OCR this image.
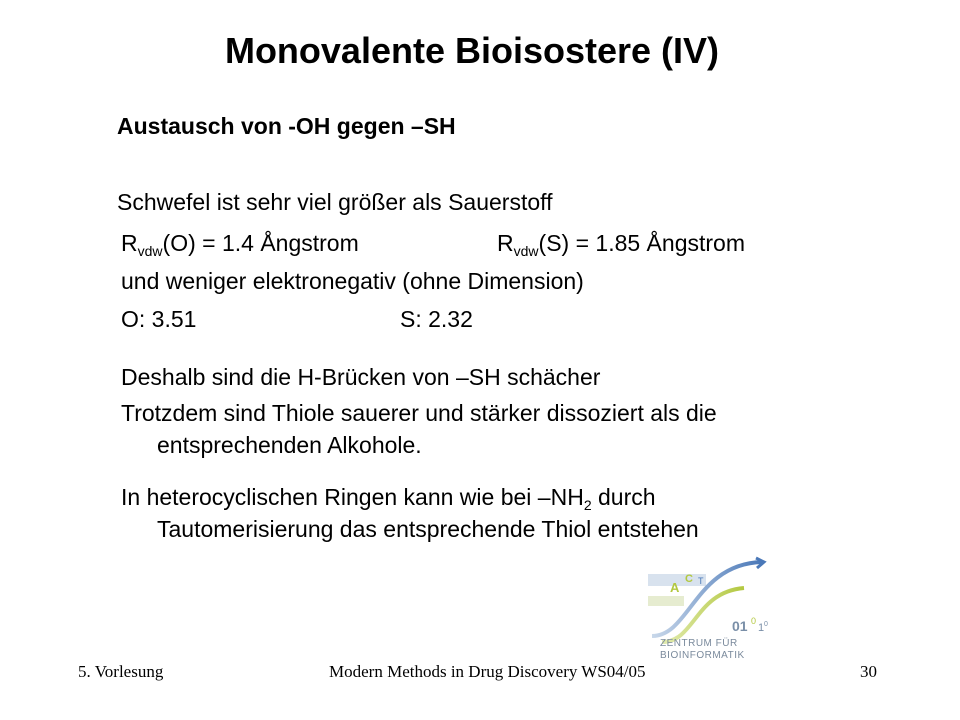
Monovalente Bioisostere (IV)
Austausch von -OH gegen –SH
Schwefel ist sehr viel größer als Sauerstoff
$R_{vdw}(O) = 1.4$ Ångstrom	$R_{vdw}(S) = 1.85$ Ångstrom
und weniger elektronegativ (ohne Dimension)
O: 3.51	S: 2.32
Deshalb sind die H-Brücken von –SH schächer
Trotzdem sind Thiole sauerer und stärker dissoziert als die
entsprechenden Alkohole.
In heterocyclischen Ringen kann wie bei $-NH_2$ durch
Tautomerisierung das entsprechende Thiol entstehen
A
C T
01 0
1 0
ZENTRUM FÜR
BIOINFORMATIK
5. Vorlesung	Modern Methods in Drug Discovery WS04/05	30
